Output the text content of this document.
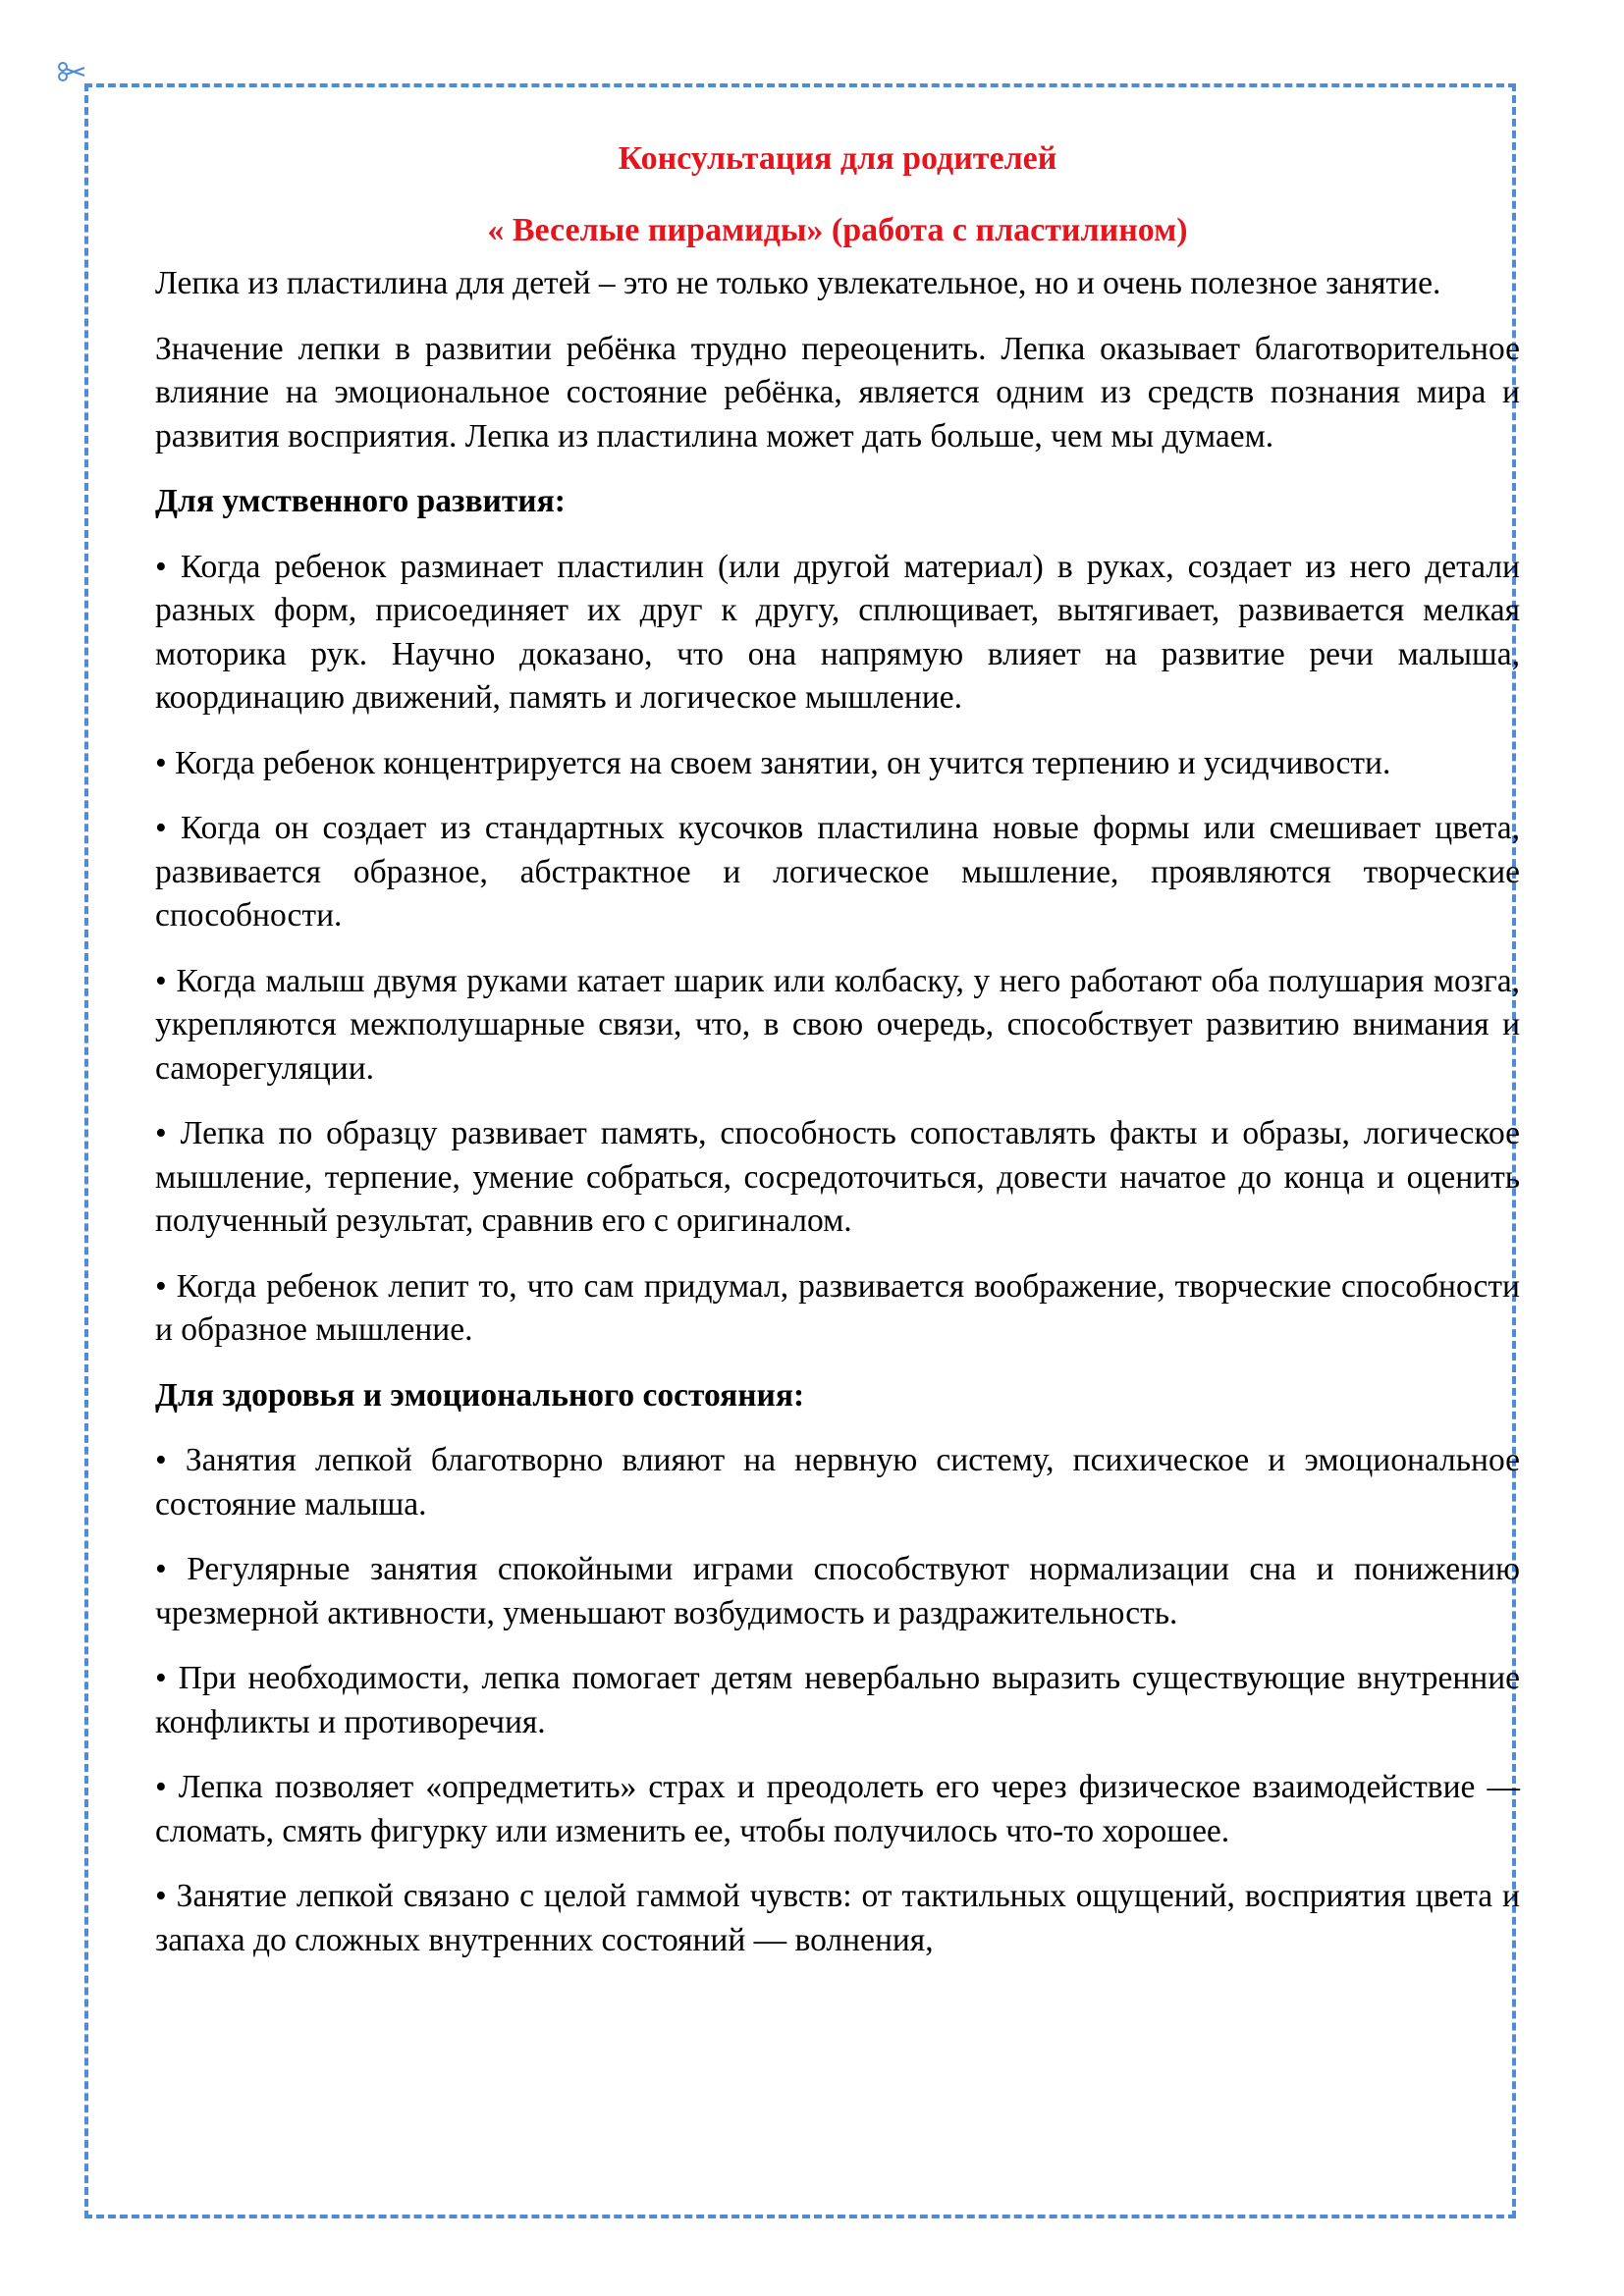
Консультация для родителей
« Веселые пирамиды» (работа с пластилином)

Лепка из пластилина для детей – это не только увлекательное, но и очень полезное занятие.

Значение лепки в развитии ребёнка трудно переоценить. Лепка оказывает благотворительное влияние на эмоциональное состояние ребёнка, является одним из средств познания мира и развития восприятия. Лепка из пластилина может дать больше, чем мы думаем.

Для умственного развития:

• Когда ребенок разминает пластилин (или другой материал) в руках, создает из него детали разных форм, присоединяет их друг к другу, сплющивает, вытягивает, развивается мелкая моторика рук. Научно доказано, что она напрямую влияет на развитие речи малыша, координацию движений, память и логическое мышление.

• Когда ребенок концентрируется на своем занятии, он учится терпению и усидчивости.

• Когда он создает из стандартных кусочков пластилина новые формы или смешивает цвета, развивается образное, абстрактное и логическое мышление, проявляются творческие способности.

• Когда малыш двумя руками катает шарик или колбаску, у него работают оба полушария мозга, укрепляются межполушарные связи, что, в свою очередь, способствует развитию внимания и саморегуляции.

• Лепка по образцу развивает память, способность сопоставлять факты и образы, логическое мышление, терпение, умение собраться, сосредоточиться, довести начатое до конца и оценить полученный результат, сравнив его с оригиналом.

• Когда ребенок лепит то, что сам придумал, развивается воображение, творческие способности и образное мышление.

Для здоровья и эмоционального состояния:

• Занятия лепкой благотворно влияют на нервную систему, психическое и эмоциональное состояние малыша.

• Регулярные занятия спокойными играми способствуют нормализации сна и понижению чрезмерной активности, уменьшают возбудимость и раздражительность.

• При необходимости, лепка помогает детям невербально выразить существующие внутренние конфликты и противоречия.

• Лепка позволяет «опредметить» страх и преодолеть его через физическое взаимодействие — сломать, смять фигурку или изменить ее, чтобы получилось что-то хорошее.

• Занятие лепкой связано с целой гаммой чувств: от тактильных ощущений, восприятия цвета и запаха до сложных внутренних состояний — волнения,
